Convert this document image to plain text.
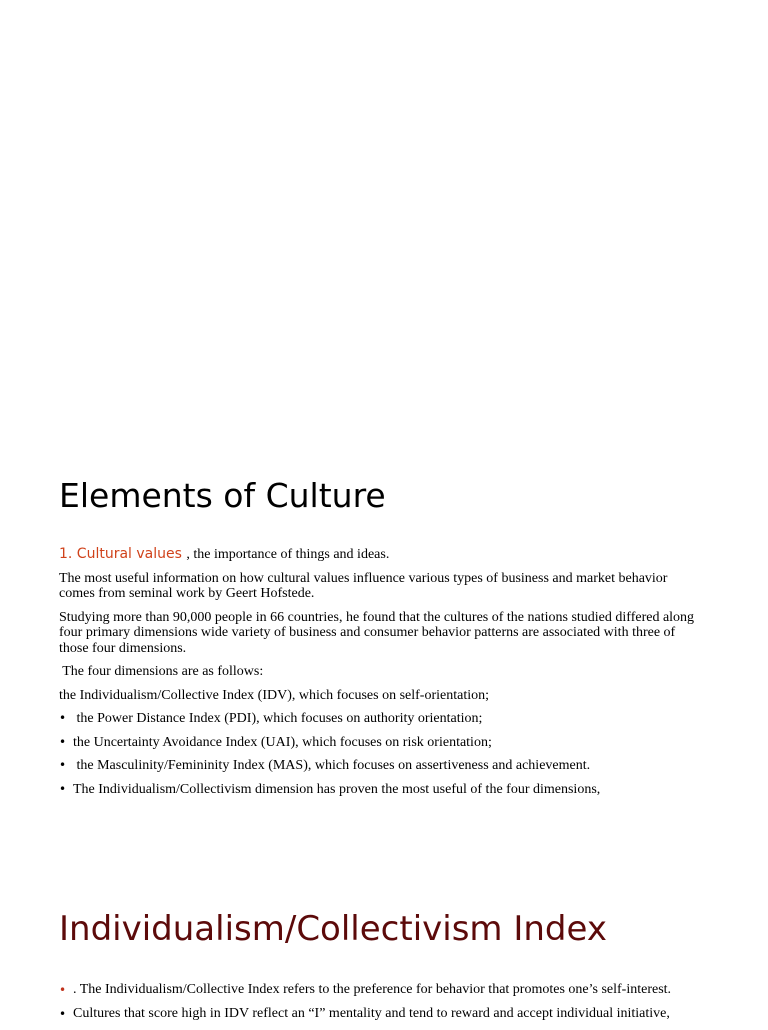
Elements of Culture

1. Cultural values , the importance of things and ideas.

The most useful information on how cultural values influence various types of business and market behavior comes from seminal work by Geert Hofstede.

Studying more than 90,000 people in 66 countries, he found that the cultures of the nations studied differed along four primary dimensions wide variety of business and consumer behavior patterns are associated with three of those four dimensions.

The four dimensions are as follows:

the Individualism/Collective Index (IDV), which focuses on self-orientation;

• the Power Distance Index (PDI), which focuses on authority orientation;
• the Uncertainty Avoidance Index (UAI), which focuses on risk orientation;
• the Masculinity/Femininity Index (MAS), which focuses on assertiveness and achievement.
• The Individualism/Collectivism dimension has proven the most useful of the four dimensions,
Individualism/Collectivism Index
• . The Individualism/Collective Index refers to the preference for behavior that promotes one’s self-interest.
• Cultures that score high in IDV reflect an “I” mentality and tend to reward and accept individual initiative,
